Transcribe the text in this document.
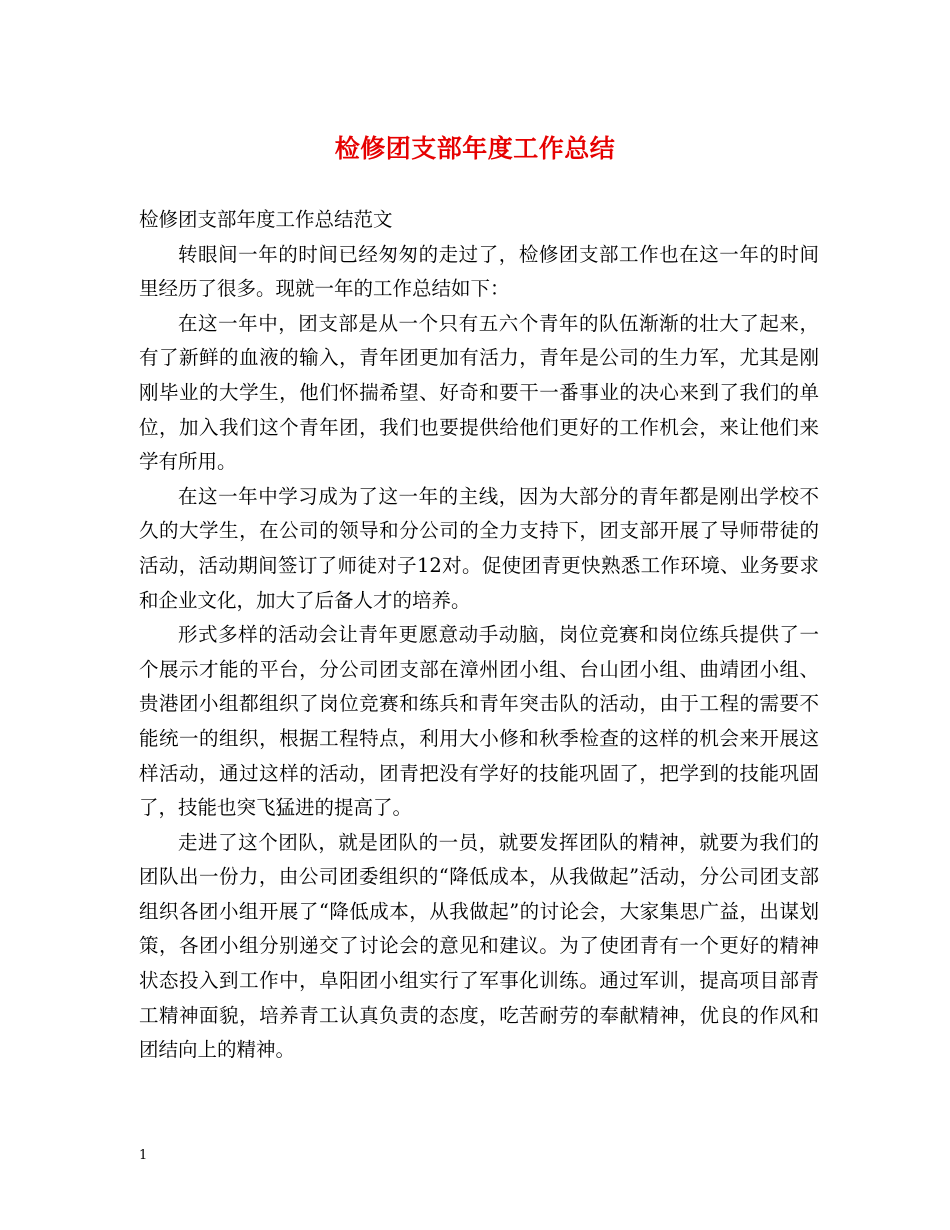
检修团支部年度工作总结

检修团支部年度工作总结范文

转眼间一年的时间已经匆匆的走过了，检修团支部工作也在这一年的时间里经历了很多。现就一年的工作总结如下：

在这一年中，团支部是从一个只有五六个青年的队伍渐渐的壮大了起来，有了新鲜的血液的输入，青年团更加有活力，青年是公司的生力军，尤其是刚刚毕业的大学生，他们怀揣希望、好奇和要干一番事业的决心来到了我们的单位，加入我们这个青年团，我们也要提供给他们更好的工作机会，来让他们来学有所用。

在这一年中学习成为了这一年的主线，因为大部分的青年都是刚出学校不久的大学生，在公司的领导和分公司的全力支持下，团支部开展了导师带徒的活动，活动期间签订了师徒对子12对。促使团青更快熟悉工作环境、业务要求和企业文化，加大了后备人才的培养。

形式多样的活动会让青年更愿意动手动脑，岗位竞赛和岗位练兵提供了一个展示才能的平台，分公司团支部在漳州团小组、台山团小组、曲靖团小组、贵港团小组都组织了岗位竞赛和练兵和青年突击队的活动，由于工程的需要不能统一的组织，根据工程特点，利用大小修和秋季检查的这样的机会来开展这样活动，通过这样的活动，团青把没有学好的技能巩固了，把学到的技能巩固了，技能也突飞猛进的提高了。

走进了这个团队，就是团队的一员，就要发挥团队的精神，就要为我们的团队出一份力，由公司团委组织的“降低成本，从我做起”活动，分公司团支部组织各团小组开展了“降低成本，从我做起”的讨论会，大家集思广益，出谋划策，各团小组分别递交了讨论会的意见和建议。为了使团青有一个更好的精神状态投入到工作中，阜阳团小组实行了军事化训练。通过军训，提高项目部青工精神面貌，培养青工认真负责的态度，吃苦耐劳的奉献精神，优良的作风和团结向上的精神。

1
